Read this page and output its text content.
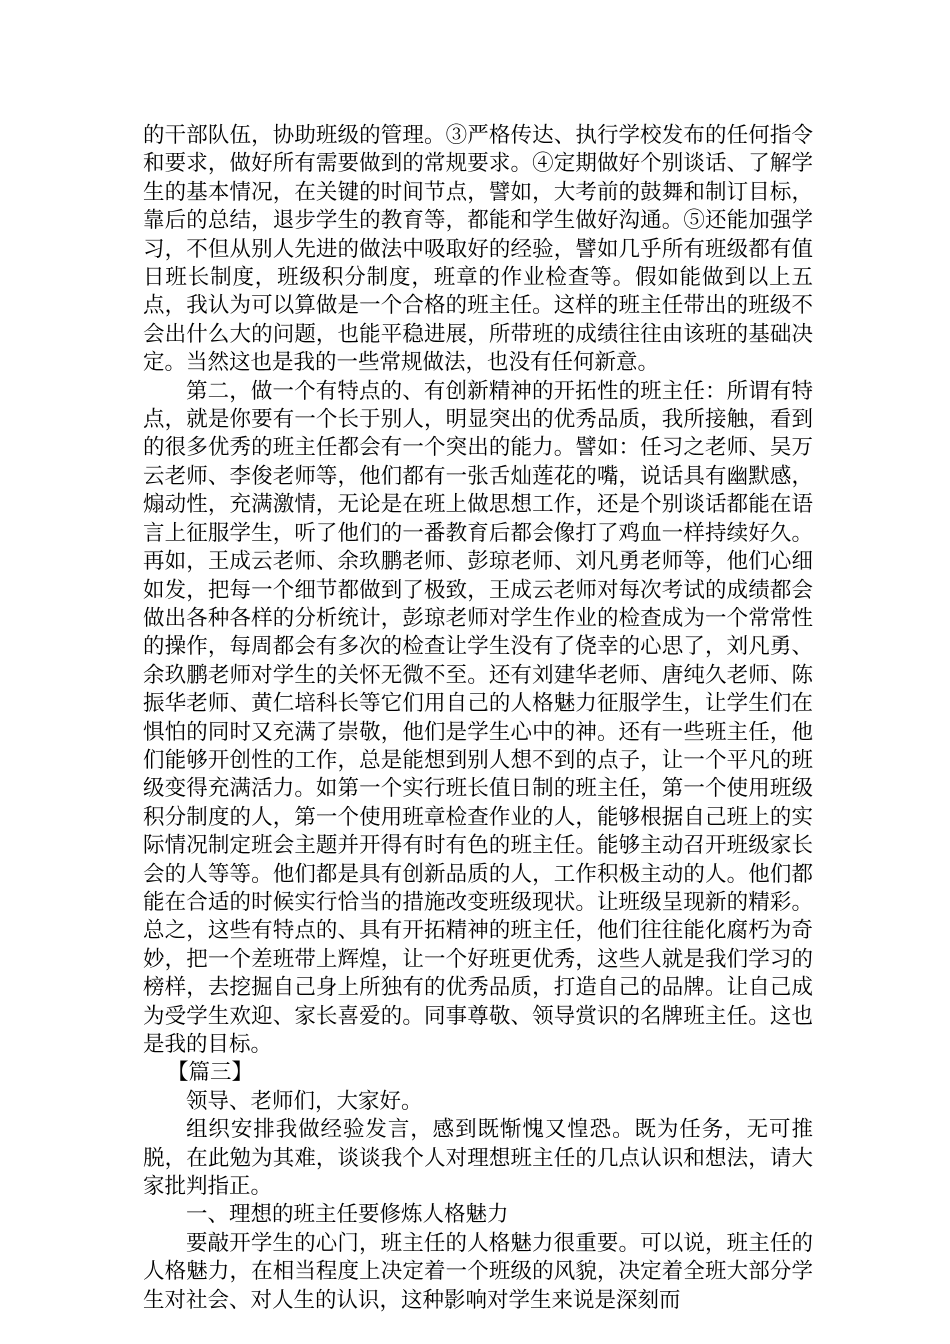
的干部队伍，协助班级的管理。③严格传达、执行学校发布的任何指令和要求，做好所有需要做到的常规要求。④定期做好个别谈话、了解学生的基本情况，在关键的时间节点，譬如，大考前的鼓舞和制订目标，靠后的总结，退步学生的教育等，都能和学生做好沟通。⑤还能加强学习，不但从别人先进的做法中吸取好的经验，譬如几乎所有班级都有值日班长制度，班级积分制度，班章的作业检查等。假如能做到以上五点，我认为可以算做是一个合格的班主任。这样的班主任带出的班级不会出什么大的问题，也能平稳进展，所带班的成绩往往由该班的基础决定。当然这也是我的一些常规做法，也没有任何新意。

第二，做一个有特点的、有创新精神的开拓性的班主任：所谓有特点，就是你要有一个长于别人，明显突出的优秀品质，我所接触，看到的很多优秀的班主任都会有一个突出的能力。譬如：任习之老师、吴万云老师、李俊老师等，他们都有一张舌灿莲花的嘴，说话具有幽默感，煽动性，充满激情，无论是在班上做思想工作，还是个别谈话都能在语言上征服学生，听了他们的一番教育后都会像打了鸡血一样持续好久。再如，王成云老师、余玖鹏老师、彭琼老师、刘凡勇老师等，他们心细如发，把每一个细节都做到了极致，王成云老师对每次考试的成绩都会做出各种各样的分析统计，彭琼老师对学生作业的检查成为一个常常性的操作，每周都会有多次的检查让学生没有了侥幸的心思了，刘凡勇、余玖鹏老师对学生的关怀无微不至。还有刘建华老师、唐纯久老师、陈振华老师、黄仁培科长等它们用自己的人格魅力征服学生，让学生们在惧怕的同时又充满了崇敬，他们是学生心中的神。还有一些班主任，他们能够开创性的工作，总是能想到别人想不到的点子，让一个平凡的班级变得充满活力。如第一个实行班长值日制的班主任，第一个使用班级积分制度的人，第一个使用班章检查作业的人，能够根据自己班上的实际情况制定班会主题并开得有时有色的班主任。能够主动召开班级家长会的人等等。他们都是具有创新品质的人，工作积极主动的人。他们都能在合适的时候实行恰当的措施改变班级现状。让班级呈现新的精彩。总之，这些有特点的、具有开拓精神的班主任，他们往往能化腐朽为奇妙，把一个差班带上辉煌，让一个好班更优秀，这些人就是我们学习的榜样，去挖掘自己身上所独有的优秀品质，打造自己的品牌。让自己成为受学生欢迎、家长喜爱的。同事尊敬、领导赏识的名牌班主任。这也是我的目标。

【篇三】

领导、老师们，大家好。

组织安排我做经验发言，感到既惭愧又惶恐。既为任务，无可推脱，在此勉为其难，谈谈我个人对理想班主任的几点认识和想法，请大家批判指正。

一、理想的班主任要修炼人格魅力

要敲开学生的心门，班主任的人格魅力很重要。可以说，班主任的人格魅力，在相当程度上决定着一个班级的风貌，决定着全班大部分学生对社会、对人生的认识，这种影响对学生来说是深刻而
